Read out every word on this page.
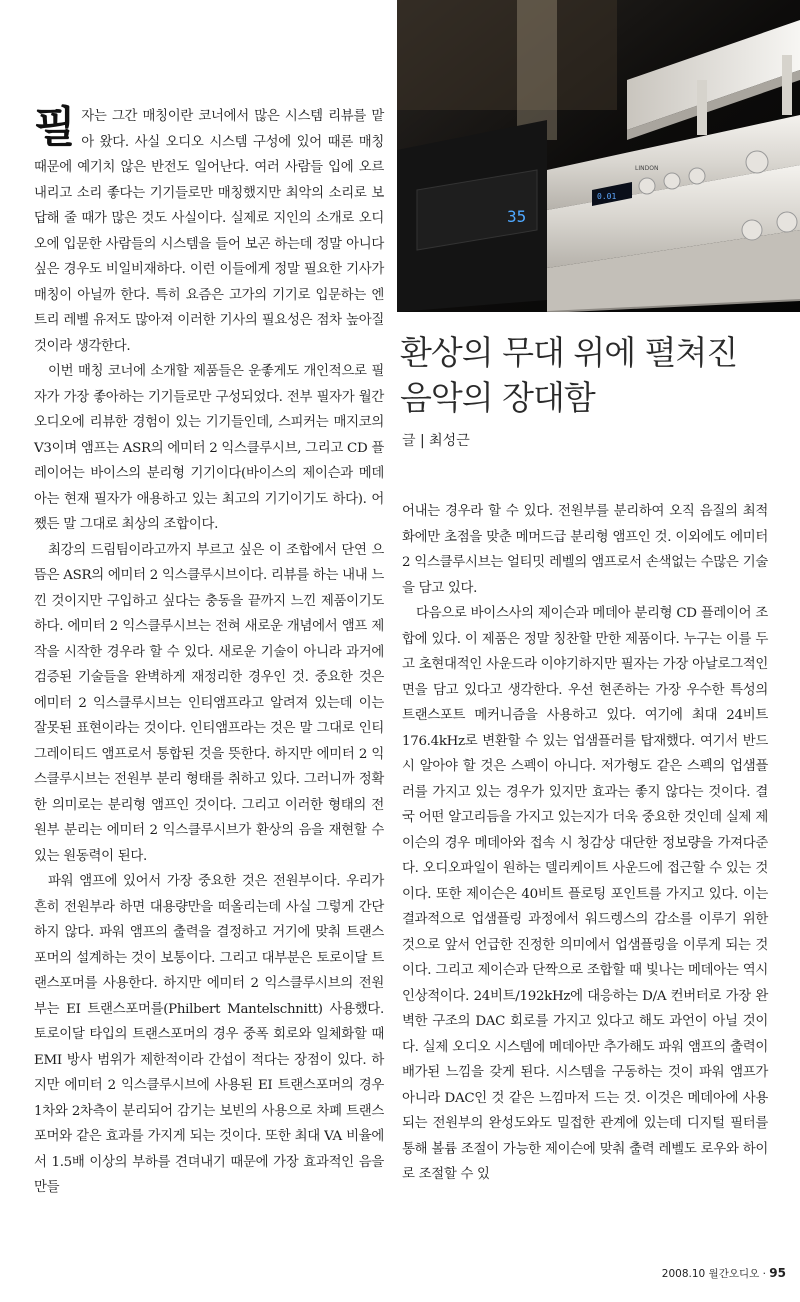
35
0.01
LINDON
환상의 무대 위에 펼쳐진
음악의 장대함
글 | 최성근

필자는 그간 매칭이란 코너에서 많은 시스템 리뷰를 맡아 왔다. 사실 오디오 시스템 구성에 있어 때론 매칭 때문에 예기치 않은 반전도 일어난다. 여러 사람들 입에 오르내리고 소리 좋다는 기기들로만 매칭했지만 최악의 소리로 보답해 줄 때가 많은 것도 사실이다. 실제로 지인의 소개로 오디오에 입문한 사람들의 시스템을 들어 보곤 하는데 정말 아니다 싶은 경우도 비일비재하다. 이런 이들에게 정말 필요한 기사가 매칭이 아닐까 한다. 특히 요즘은 고가의 기기로 입문하는 엔트리 레벨 유저도 많아져 이러한 기사의 필요성은 점차 높아질 것이라 생각한다.

이번 매칭 코너에 소개할 제품들은 운좋게도 개인적으로 필자가 가장 좋아하는 기기들로만 구성되었다. 전부 필자가 월간 오디오에 리뷰한 경험이 있는 기기들인데, 스피커는 매지코의 V3이며 앰프는 ASR의 에미터 2 익스클루시브, 그리고 CD 플레이어는 바이스의 분리형 기기이다(바이스의 제이슨과 메데아는 현재 필자가 애용하고 있는 최고의 기기이기도 하다). 어쨌든 말 그대로 최상의 조합이다.

최강의 드림팀이라고까지 부르고 싶은 이 조합에서 단연 으뜸은 ASR의 에미터 2 익스클루시브이다. 리뷰를 하는 내내 느낀 것이지만 구입하고 싶다는 충동을 끝까지 느낀 제품이기도 하다. 에미터 2 익스클루시브는 전혀 새로운 개념에서 앰프 제작을 시작한 경우라 할 수 있다. 새로운 기술이 아니라 과거에 검증된 기술들을 완벽하게 재정리한 경우인 것. 중요한 것은 에미터 2 익스클루시브는 인티앰프라고 알려져 있는데 이는 잘못된 표현이라는 것이다. 인티앰프라는 것은 말 그대로 인티그레이티드 앰프로서 통합된 것을 뜻한다. 하지만 에미터 2 익스클루시브는 전원부 분리 형태를 취하고 있다. 그러니까 정확한 의미로는 분리형 앰프인 것이다. 그리고 이러한 형태의 전원부 분리는 에미터 2 익스클루시브가 환상의 음을 재현할 수 있는 원동력이 된다.

파워 앰프에 있어서 가장 중요한 것은 전원부이다. 우리가 흔히 전원부라 하면 대용량만을 떠올리는데 사실 그렇게 간단하지 않다. 파워 앰프의 출력을 결정하고 거기에 맞춰 트랜스포머의 설계하는 것이 보통이다. 그리고 대부분은 토로이달 트랜스포머를 사용한다. 하지만 에미터 2 익스클루시브의 전원부는 EI 트랜스포머를(Philbert Mantelschnitt) 사용했다. 토로이달 타입의 트랜스포머의 경우 중폭 회로와 일체화할 때 EMI 방사 범위가 제한적이라 간섭이 적다는 장점이 있다. 하지만 에미터 2 익스클루시브에 사용된 EI 트랜스포머의 경우 1차와 2차측이 분리되어 감기는 보빈의 사용으로 차폐 트랜스포머와 같은 효과를 가지게 되는 것이다. 또한 최대 VA 비율에서 1.5배 이상의 부하를 견뎌내기 때문에 가장 효과적인 음을 만들

어내는 경우라 할 수 있다. 전원부를 분리하여 오직 음질의 최적화에만 초점을 맞춘 메머드급 분리형 앰프인 것. 이외에도 에미터 2 익스클루시브는 얼티밋 레벨의 앰프로서 손색없는 수많은 기술을 담고 있다.

다음으로 바이스사의 제이슨과 메데아 분리형 CD 플레이어 조합에 있다. 이 제품은 정말 칭찬할 만한 제품이다. 누구는 이를 두고 초현대적인 사운드라 이야기하지만 필자는 가장 아날로그적인 면을 담고 있다고 생각한다. 우선 현존하는 가장 우수한 특성의 트랜스포트 메커니즘을 사용하고 있다. 여기에 최대 24비트 176.4kHz로 변환할 수 있는 업샘플러를 탑재했다. 여기서 반드시 알아야 할 것은 스펙이 아니다. 저가형도 같은 스펙의 업샘플러를 가지고 있는 경우가 있지만 효과는 좋지 않다는 것이다. 결국 어떤 알고리듬을 가지고 있는지가 더욱 중요한 것인데 실제 제이슨의 경우 메데아와 접속 시 청감상 대단한 정보량을 가져다준다. 오디오파일이 원하는 델리케이트 사운드에 접근할 수 있는 것이다. 또한 제이슨은 40비트 플로팅 포인트를 가지고 있다. 이는 결과적으로 업샘플링 과정에서 워드렝스의 감소를 이루기 위한 것으로 앞서 언급한 진정한 의미에서 업샘플링을 이루게 되는 것이다. 그리고 제이슨과 단짝으로 조합할 때 빛나는 메데아는 역시 인상적이다. 24비트/192kHz에 대응하는 D/A 컨버터로 가장 완벽한 구조의 DAC 회로를 가지고 있다고 해도 과언이 아닐 것이다. 실제 오디오 시스템에 메데아만 추가해도 파워 앰프의 출력이 배가된 느낌을 갖게 된다. 시스템을 구동하는 것이 파워 앰프가 아니라 DAC인 것 같은 느낌마저 드는 것. 이것은 메데아에 사용되는 전원부의 완성도와도 밀접한 관계에 있는데 디지털 필터를 통해 볼륨 조절이 가능한 제이슨에 맞춰 출력 레벨도 로우와 하이로 조절할 수 있

2008.10 월간오디오 · 95
